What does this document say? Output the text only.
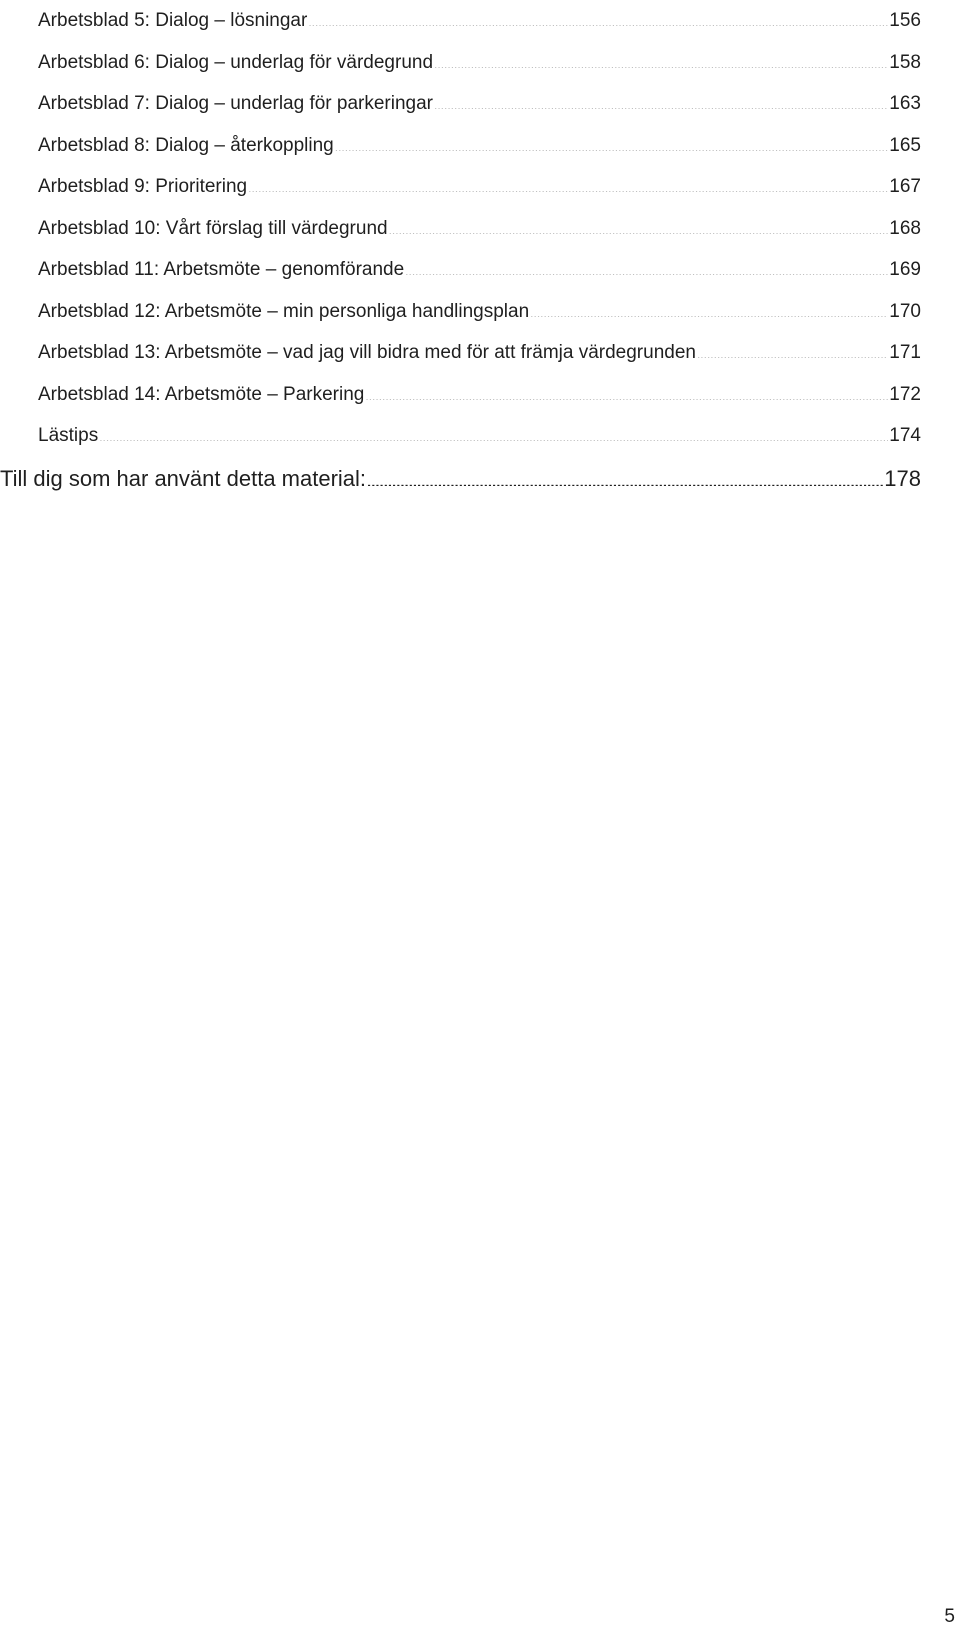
Arbetsblad 5: Dialog – lösningar .....	156
Arbetsblad 6: Dialog – underlag för värdegrund .....	158
Arbetsblad 7: Dialog – underlag för parkeringar .....	163
Arbetsblad 8: Dialog – återkoppling .....	165
Arbetsblad 9: Prioritering .....	167
Arbetsblad 10: Vårt förslag till värdegrund .....	168
Arbetsblad 11: Arbetsmöte – genomförande .....	169
Arbetsblad 12: Arbetsmöte – min personliga handlingsplan .....	170
Arbetsblad 13: Arbetsmöte – vad jag vill bidra med för att främja värdegrunden .....	171
Arbetsblad 14: Arbetsmöte – Parkering .....	172
Lästips .....	174
Till dig som har använt detta material: .....	178
5
